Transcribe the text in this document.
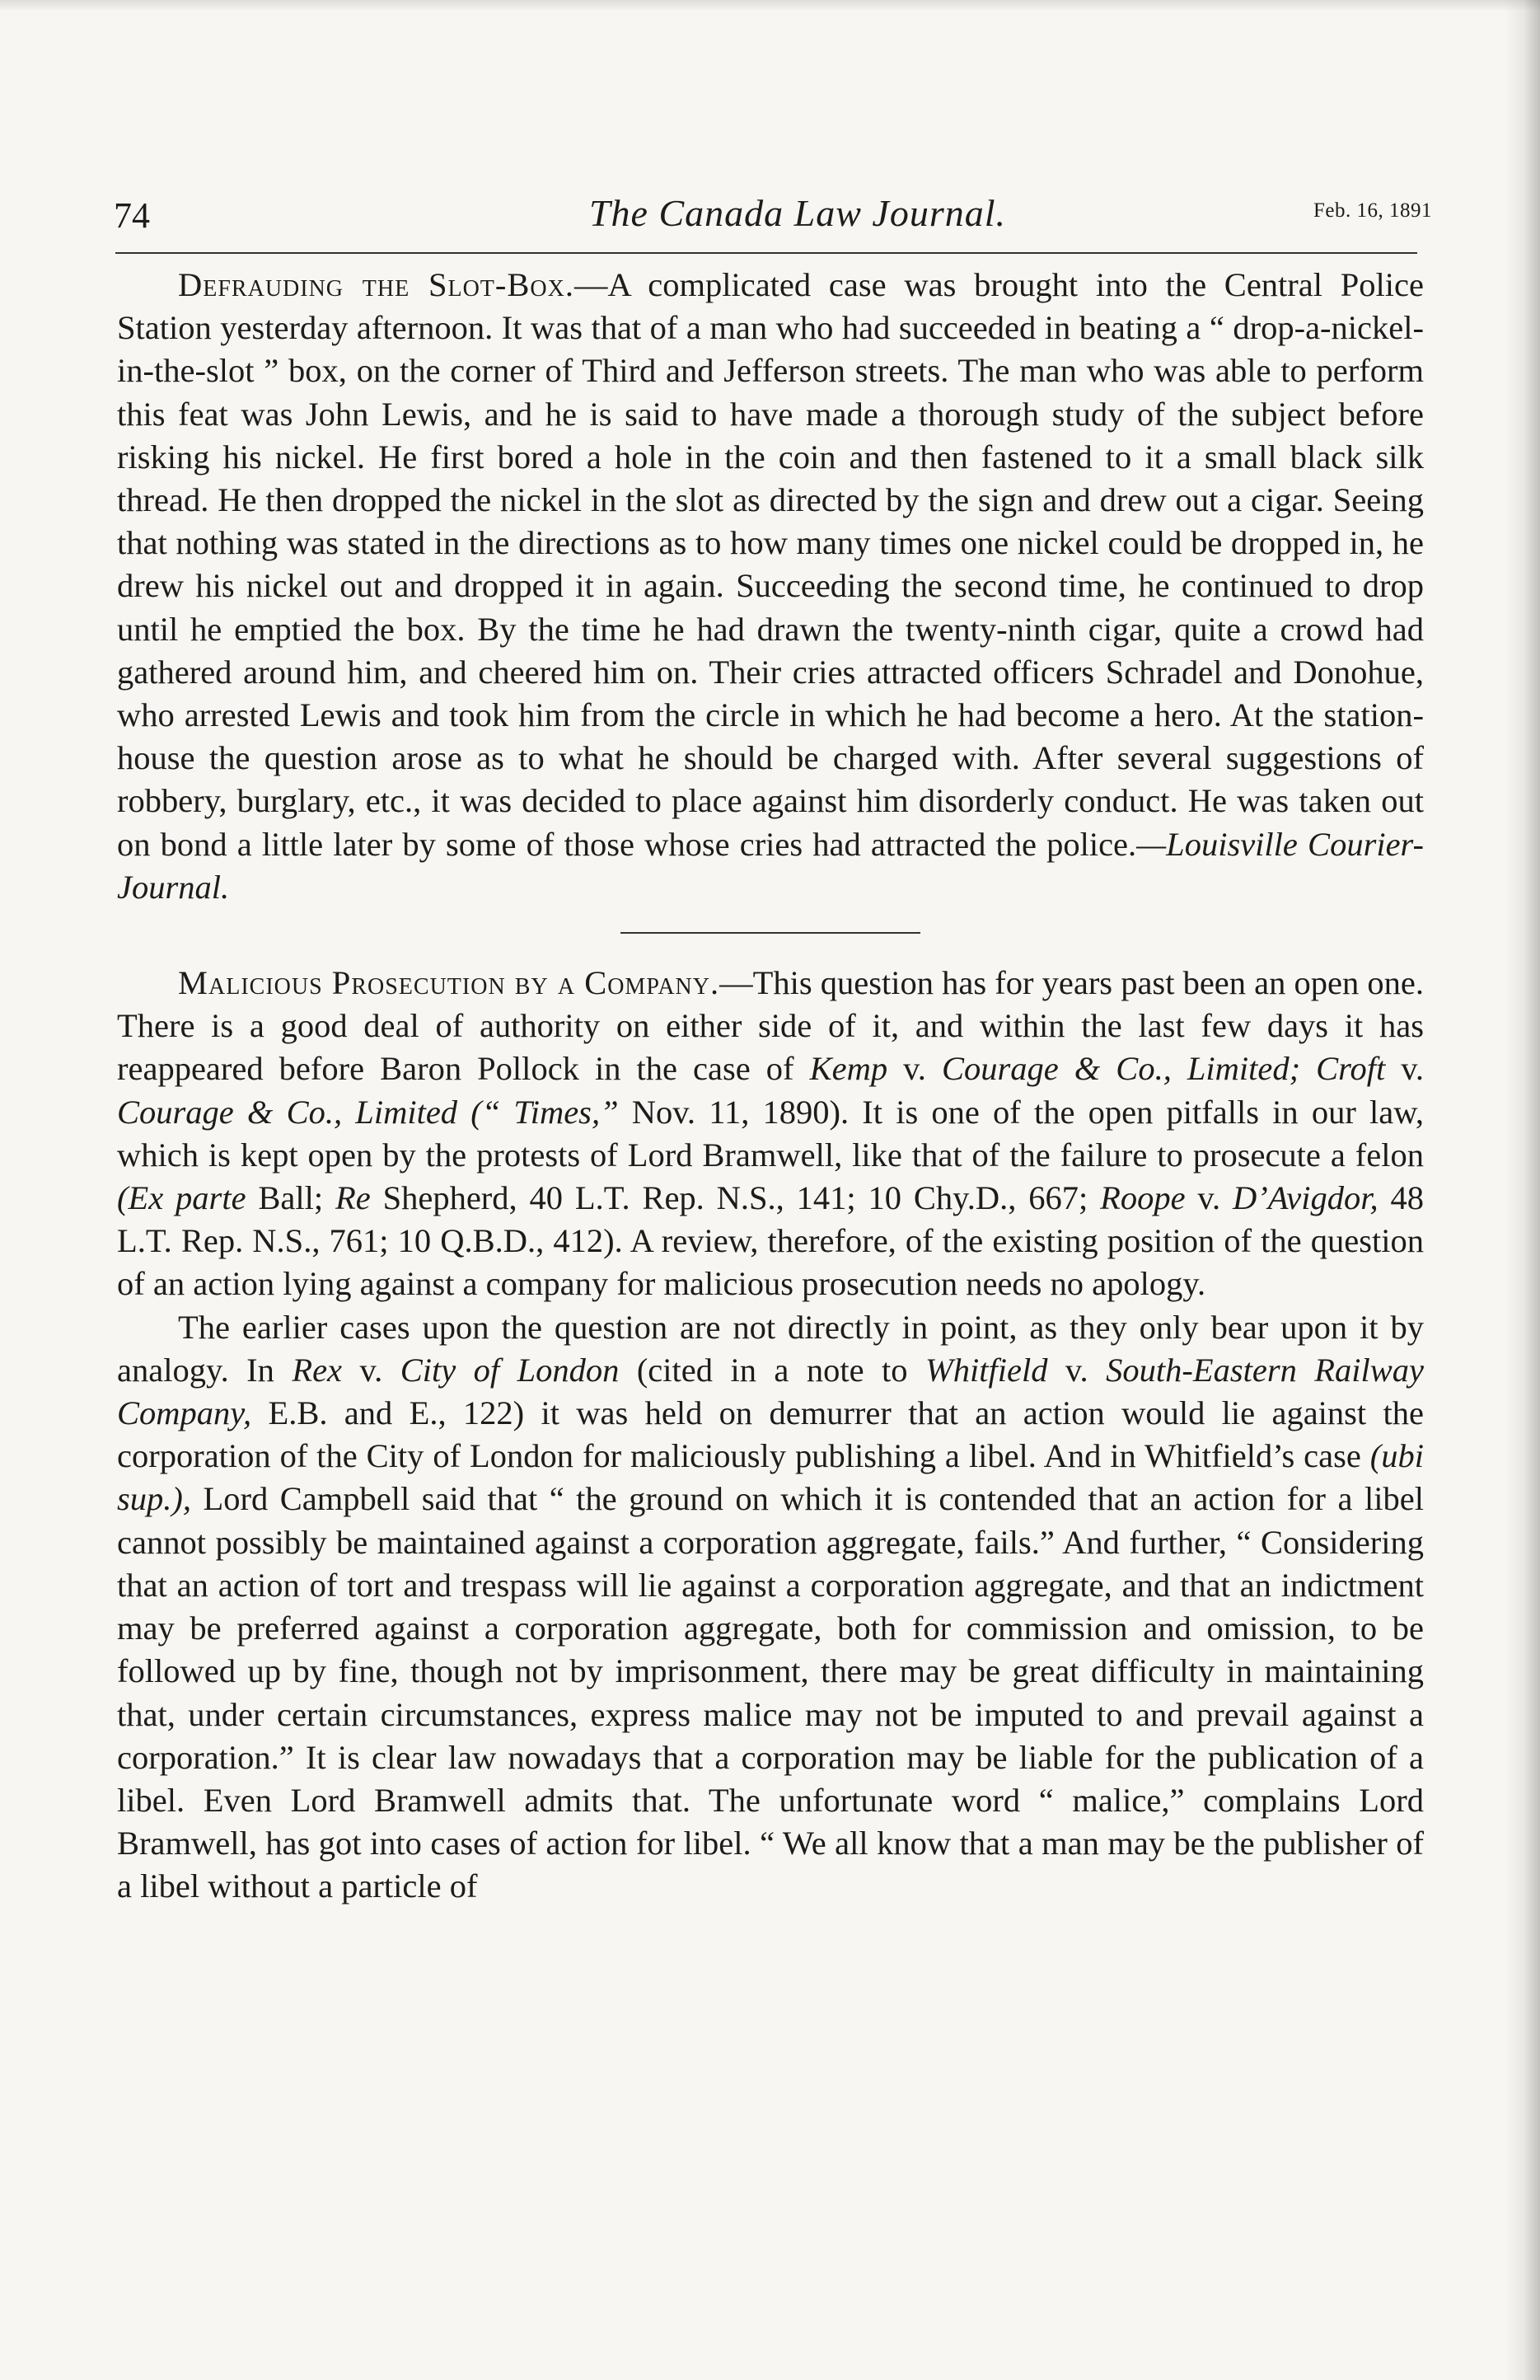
74	The Canada Law Journal.	Feb. 16, 1891

Defrauding the Slot-Box.—A complicated case was brought into the Central Police Station yesterday afternoon. It was that of a man who had succeeded in beating a “ drop-a-nickel-in-the-slot ” box, on the corner of Third and Jefferson streets. The man who was able to perform this feat was John Lewis, and he is said to have made a thorough study of the subject before risking his nickel. He first bored a hole in the coin and then fastened to it a small black silk thread. He then dropped the nickel in the slot as directed by the sign and drew out a cigar. Seeing that nothing was stated in the directions as to how many times one nickel could be dropped in, he drew his nickel out and dropped it in again. Succeeding the second time, he continued to drop until he emptied the box. By the time he had drawn the twenty-ninth cigar, quite a crowd had gathered around him, and cheered him on. Their cries attracted officers Schradel and Donohue, who arrested Lewis and took him from the circle in which he had become a hero. At the station-house the question arose as to what he should be charged with. After several suggestions of robbery, burglary, etc., it was decided to place against him disorderly conduct. He was taken out on bond a little later by some of those whose cries had attracted the police.—Louisville Courier-Journal.

Malicious Prosecution by a Company.—This question has for years past been an open one. There is a good deal of authority on either side of it, and within the last few days it has reappeared before Baron Pollock in the case of Kemp v. Courage & Co., Limited; Croft v. Courage & Co., Limited (“ Times,” Nov. 11, 1890). It is one of the open pitfalls in our law, which is kept open by the protests of Lord Bramwell, like that of the failure to prosecute a felon (Ex parte Ball; Re Shepherd, 40 L.T. Rep. N.S., 141; 10 Chy.D., 667; Roope v. D’Avigdor, 48 L.T. Rep. N.S., 761; 10 Q.B.D., 412). A review, therefore, of the existing position of the question of an action lying against a company for malicious prosecution needs no apology.

The earlier cases upon the question are not directly in point, as they only bear upon it by analogy. In Rex v. City of London (cited in a note to Whitfield v. South-Eastern Railway Company, E.B. and E., 122) it was held on demurrer that an action would lie against the corporation of the City of London for maliciously publishing a libel. And in Whitfield’s case (ubi sup.), Lord Campbell said that “ the ground on which it is contended that an action for a libel cannot possibly be maintained against a corporation aggregate, fails.” And further, “ Considering that an action of tort and trespass will lie against a corporation aggregate, and that an indictment may be preferred against a corporation aggregate, both for commission and omission, to be followed up by fine, though not by imprisonment, there may be great difficulty in maintaining that, under certain circumstances, express malice may not be imputed to and prevail against a corporation.” It is clear law nowadays that a corporation may be liable for the publication of a libel. Even Lord Bramwell admits that. The unfortunate word “ malice,” complains Lord Bramwell, has got into cases of action for libel. “ We all know that a man may be the publisher of a libel without a particle of
